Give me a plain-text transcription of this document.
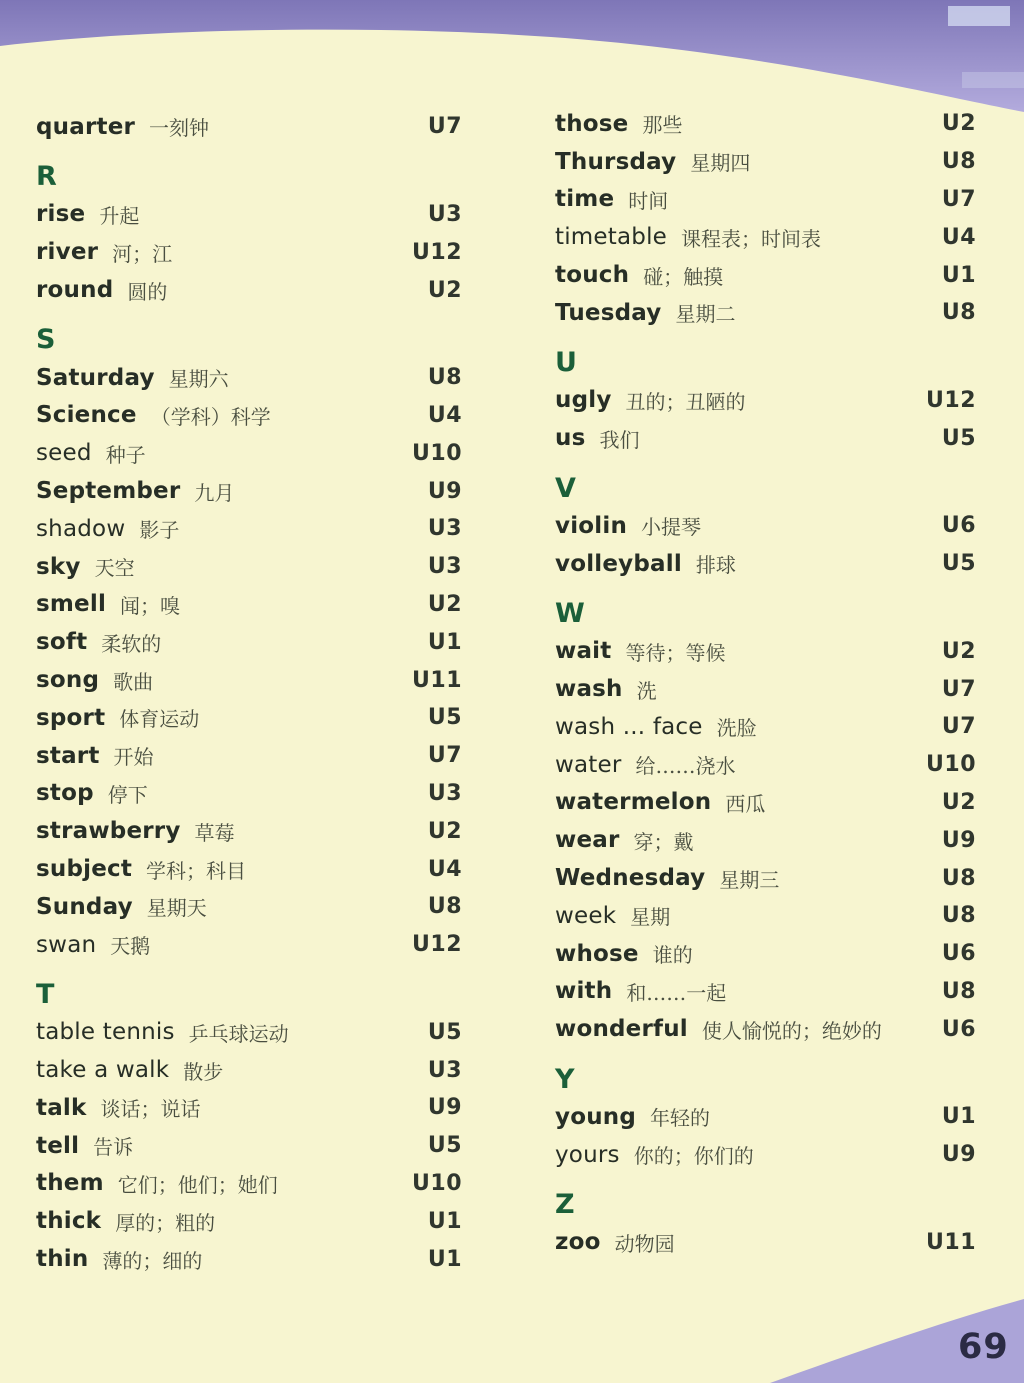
quarter 一刻钟	U7
R
rise 升起	U3
river 河；江	U12
round 圆的	U2
S
Saturday 星期六	U8
Science （学科）科学	U4
seed 种子	U10
September 九月	U9
shadow 影子	U3
sky 天空	U3
smell 闻；嗅	U2
soft 柔软的	U1
song 歌曲	U11
sport 体育运动	U5
start 开始	U7
stop 停下	U3
strawberry 草莓	U2
subject 学科；科目	U4
Sunday 星期天	U8
swan 天鹅	U12
T
table tennis 乒乓球运动	U5
take a walk 散步	U3
talk 谈话；说话	U9
tell 告诉	U5
them 它们；他们；她们	U10
thick 厚的；粗的	U1
thin 薄的；细的	U1
those 那些	U2
Thursday 星期四	U8
time 时间	U7
timetable 课程表；时间表	U4
touch 碰；触摸	U1
Tuesday 星期二	U8
U
ugly 丑的；丑陋的	U12
us 我们	U5
V
violin 小提琴	U6
volleyball 排球	U5
W
wait 等待；等候	U2
wash 洗	U7
wash ... face 洗脸	U7
water 给……浇水	U10
watermelon 西瓜	U2
wear 穿；戴	U9
Wednesday 星期三	U8
week 星期	U8
whose 谁的	U6
with 和……一起	U8
wonderful 使人愉悦的；绝妙的	U6
Y
young 年轻的	U1
yours 你的；你们的	U9
Z
zoo 动物园	U11
69
